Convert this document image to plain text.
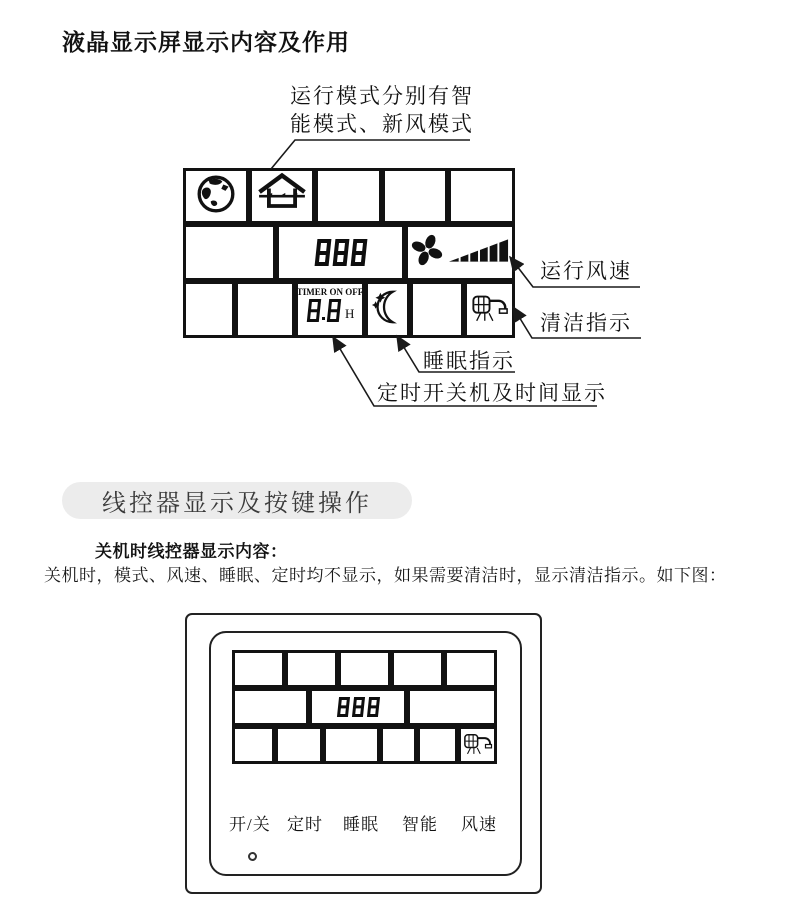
液晶显示屏显示内容及作用
运行模式分别有智
能模式、新风模式
TIMER ON OFF
H
运行风速
清洁指示
睡眠指示
定时开关机及时间显示
线控器显示及按键操作
关机时线控器显示内容：
关机时，模式、风速、睡眠、定时均不显示，如果需要清洁时，显示清洁指示。如下图：
开/关 定时 睡眠 智能 风速
